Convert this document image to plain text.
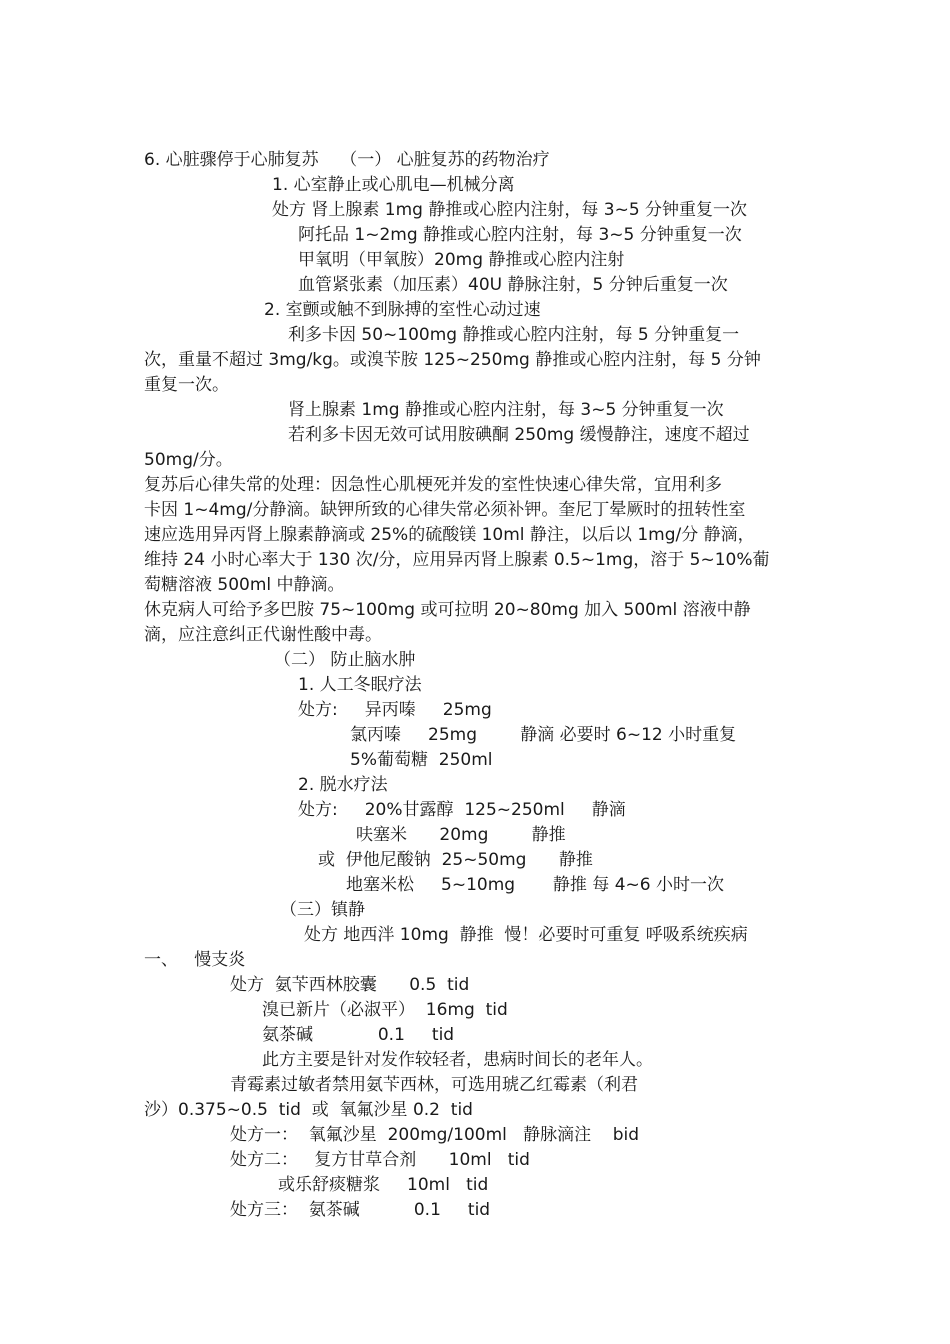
6. 心脏骤停于心肺复苏    （一） 心脏复苏的药物治疗
1. 心室静止或心肌电—机械分离
处方 肾上腺素 1mg 静推或心腔内注射，每 3~5 分钟重复一次
阿托品 1~2mg 静推或心腔内注射，每 3~5 分钟重复一次
甲氧明（甲氧胺）20mg 静推或心腔内注射
血管紧张素（加压素）40U 静脉注射，5 分钟后重复一次
2. 室颤或触不到脉搏的室性心动过速
利多卡因 50~100mg 静推或心腔内注射，每 5 分钟重复一
次，重量不超过 3mg/kg。或溴苄胺 125~250mg 静推或心腔内注射，每 5 分钟
重复一次。
肾上腺素 1mg 静推或心腔内注射，每 3~5 分钟重复一次
若利多卡因无效可试用胺碘酮 250mg 缓慢静注，速度不超过
50mg/分。
复苏后心律失常的处理：因急性心肌梗死并发的室性快速心律失常，宜用利多
卡因 1~4mg/分静滴。缺钾所致的心律失常必须补钾。奎尼丁晕厥时的扭转性室
速应选用异丙肾上腺素静滴或 25%的硫酸镁 10ml 静注，以后以 1mg/分 静滴，
维持 24 小时心率大于 130 次/分，应用异丙肾上腺素 0.5~1mg，溶于 5~10%葡
萄糖溶液 500ml 中静滴。
休克病人可给予多巴胺 75~100mg 或可拉明 20~80mg 加入 500ml 溶液中静
滴，应注意纠正代谢性酸中毒。
（二） 防止脑水肿
1. 人工冬眠疗法
处方:     异丙嗪     25mg
氯丙嗪     25mg        静滴 必要时 6~12 小时重复
5%葡萄糖  250ml
2. 脱水疗法
处方:     20%甘露醇  125~250ml     静滴
呋塞米      20mg        静推
或  伊他尼酸钠  25~50mg      静推
地塞米松     5~10mg       静推 每 4~6 小时一次
（三）镇静
处方 地西泮 10mg  静推  慢！必要时可重复 呼吸系统疾病
一、   慢支炎
处方  氨苄西林胶囊      0.5  tid
溴已新片（必淑平）  16mg  tid
氨茶碱            0.1     tid
此方主要是针对发作较轻者，患病时间长的老年人。
青霉素过敏者禁用氨苄西林，可选用琥乙红霉素（利君
沙）0.375~0.5  tid  或  氧氟沙星 0.2  tid
处方一：  氧氟沙星  200mg/100ml   静脉滴注    bid
处方二：   复方甘草合剂      10ml   tid
或乐舒痰糖浆     10ml   tid
处方三：  氨茶碱          0.1     tid
